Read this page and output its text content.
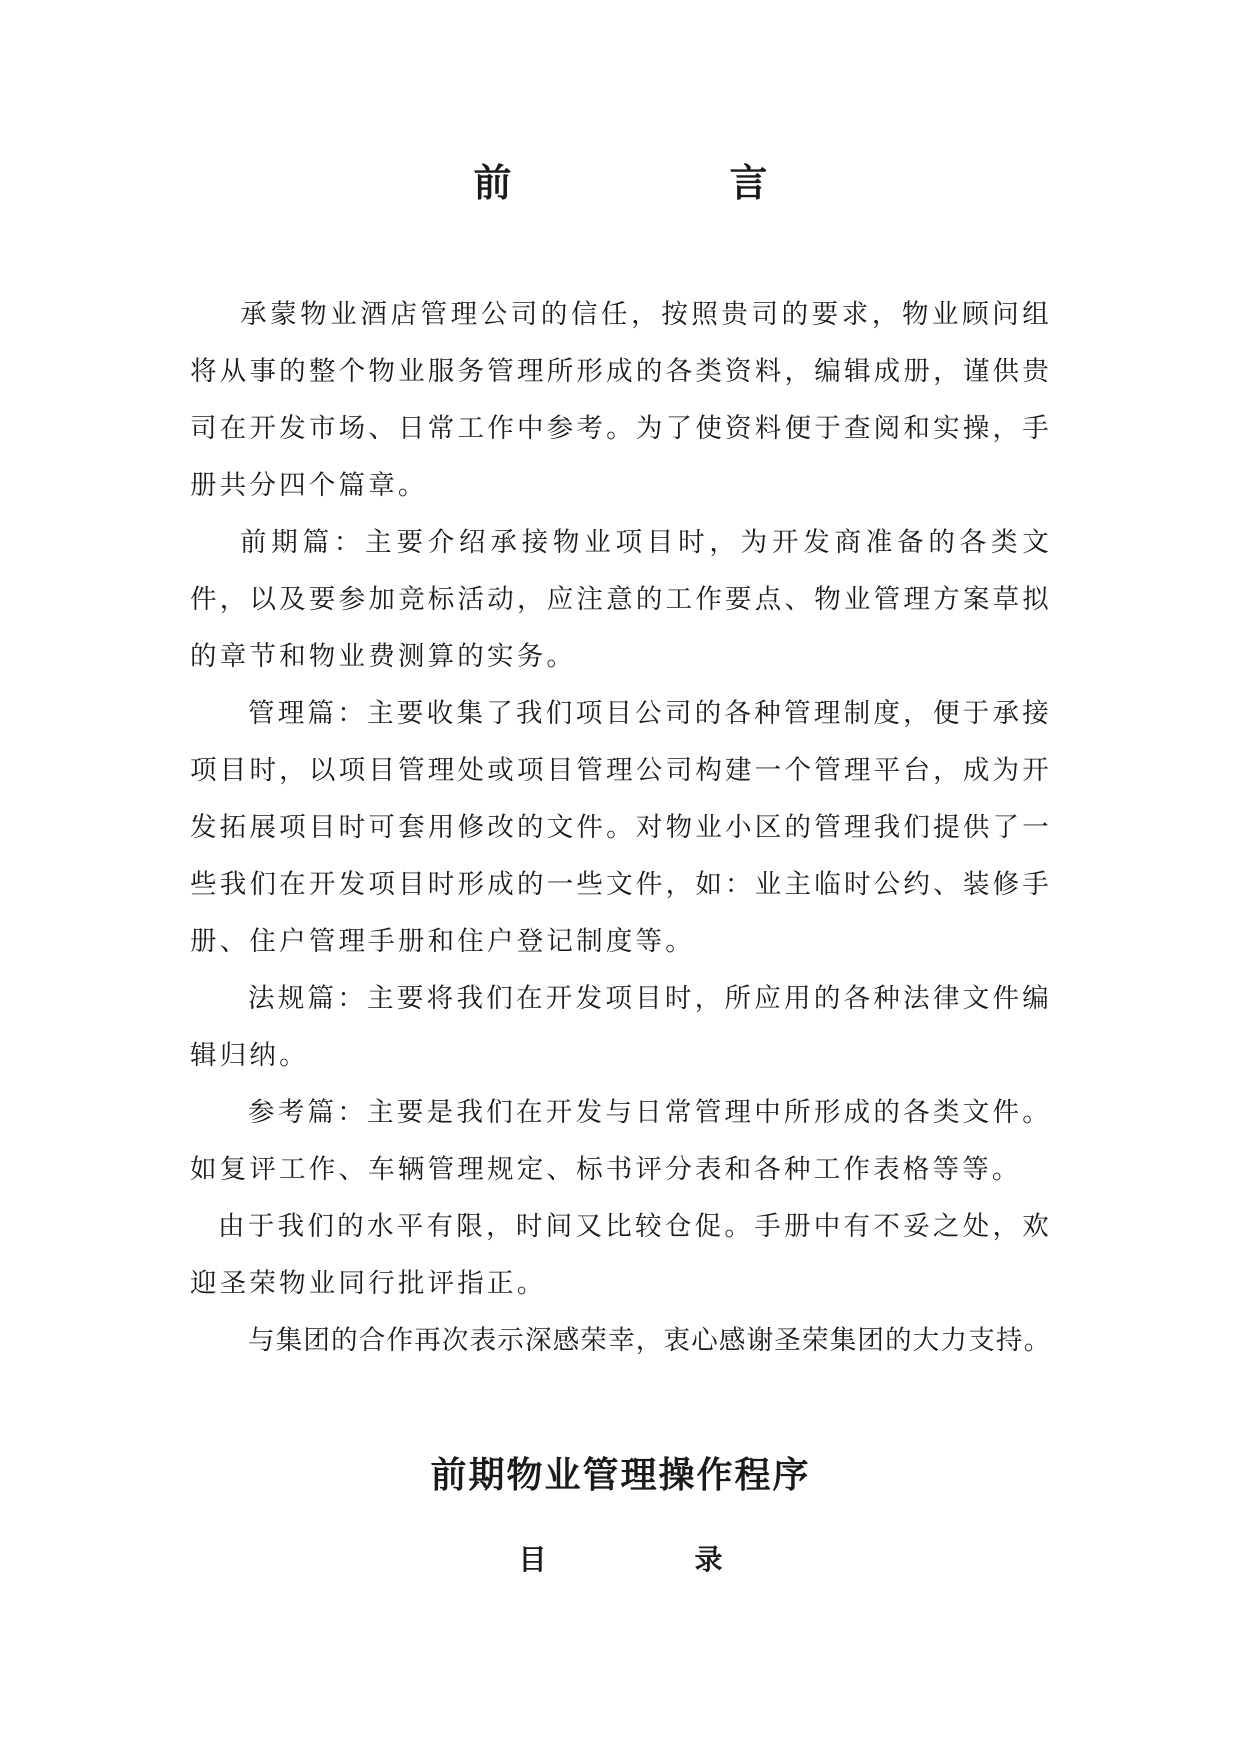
前　言

承蒙物业酒店管理公司的信任，按照贵司的要求，物业顾问组将从事的整个物业服务管理所形成的各类资料，编辑成册，谨供贵司在开发市场、日常工作中参考。为了使资料便于查阅和实操，手册共分四个篇章。

前期篇：主要介绍承接物业项目时，为开发商准备的各类文件，以及要参加竞标活动，应注意的工作要点、物业管理方案草拟的章节和物业费测算的实务。

管理篇：主要收集了我们项目公司的各种管理制度，便于承接项目时，以项目管理处或项目管理公司构建一个管理平台，成为开发拓展项目时可套用修改的文件。对物业小区的管理我们提供了一些我们在开发项目时形成的一些文件，如：业主临时公约、装修手册、住户管理手册和住户登记制度等。

法规篇：主要将我们在开发项目时，所应用的各种法律文件编辑归纳。

参考篇：主要是我们在开发与日常管理中所形成的各类文件。如复评工作、车辆管理规定、标书评分表和各种工作表格等等。

由于我们的水平有限，时间又比较仓促。手册中有不妥之处，欢迎圣荣物业同行批评指正。

与集团的合作再次表示深感荣幸，衷心感谢圣荣集团的大力支持。

前期物业管理操作程序
目　录
